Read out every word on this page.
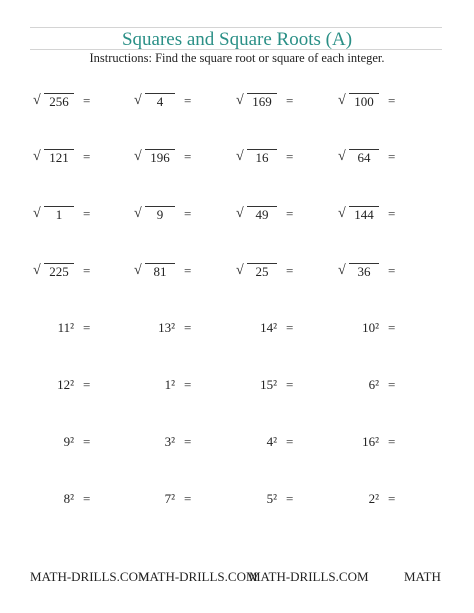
Squares and Square Roots (A)
Instructions: Find the square root or square of each integer.
√ 256	=	√	4	=	√ 169	=	√ 100	=
√ 121	=	√ 196	=	√ 16	=	√ 64	=
√	1	=	√	9	=	√ 49	=	√ 144	=
√ 225	=	√ 81	=	√ 25	=	√ 36	=
11² =	13² =	14² =	10² =
12² =	1² =	15² =	6² =
9² =	3² =	4² =	16² =
8² =	7² =	5² =	2² =
MATH-DRILLS.COM
MATH-DRILLS.COM
MATH-DRILLS.COM	MATH
